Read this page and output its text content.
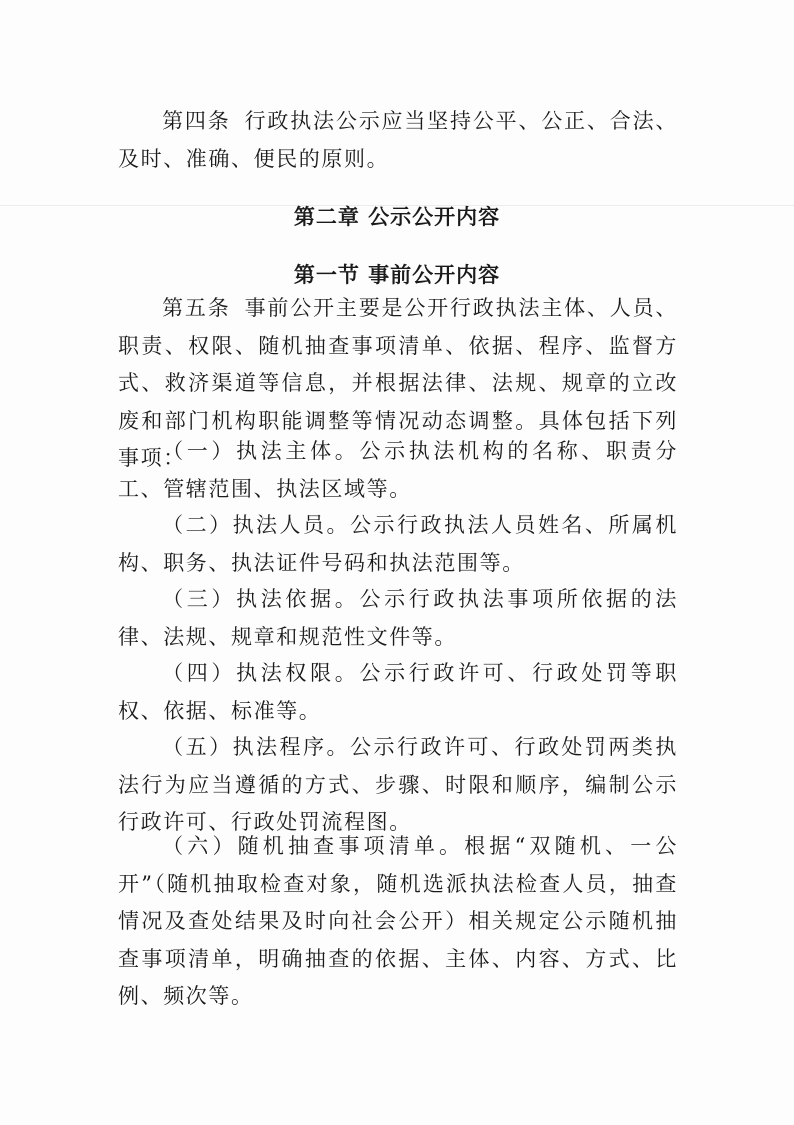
第四条 行政执法公示应当坚持公平、公正、合法、及时、准确、便民的原则。
第二章 公示公开内容
第一节 事前公开内容
第五条 事前公开主要是公开行政执法主体、人员、职责、权限、随机抽查事项清单、依据、程序、监督方式、救济渠道等信息，并根据法律、法规、规章的立改废和部门机构职能调整等情况动态调整。具体包括下列事项：
（一）执法主体。公示执法机构的名称、职责分工、管辖范围、执法区域等。
（二）执法人员。公示行政执法人员姓名、所属机构、职务、执法证件号码和执法范围等。
（三）执法依据。公示行政执法事项所依据的法律、法规、规章和规范性文件等。
（四）执法权限。公示行政许可、行政处罚等职权、依据、标准等。
（五）执法程序。公示行政许可、行政处罚两类执法行为应当遵循的方式、步骤、时限和顺序，编制公示行政许可、行政处罚流程图。
（六）随机抽查事项清单。根据“双随机、一公开”（随机抽取检查对象，随机选派执法检查人员，抽查情况及查处结果及时向社会公开）相关规定公示随机抽查事项清单，明确抽查的依据、主体、内容、方式、比例、频次等。
